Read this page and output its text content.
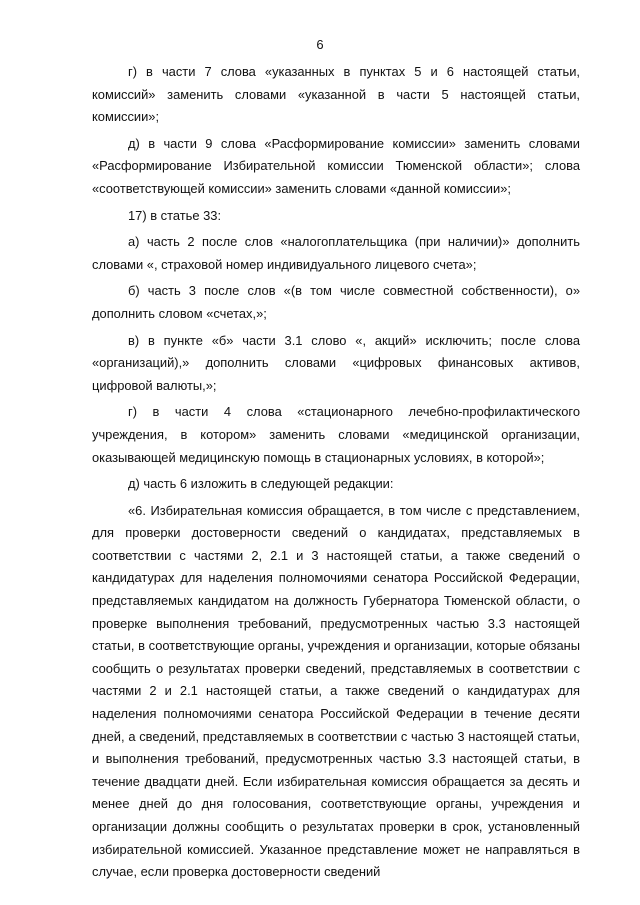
6

г) в части 7 слова «указанных в пунктах 5 и 6 настоящей статьи, комиссий» заменить словами «указанной в части 5 настоящей статьи, комиссии»;

д) в части 9 слова «Расформирование комиссии» заменить словами «Расформирование Избирательной комиссии Тюменской области»; слова «соответствующей комиссии» заменить словами «данной комиссии»;

17) в статье 33:

а) часть 2 после слов «налогоплательщика (при наличии)» дополнить словами «, страховой номер индивидуального лицевого счета»;

б) часть 3 после слов «(в том числе совместной собственности), о» дополнить словом «счетах,»;

в) в пункте «б» части 3.1 слово «, акций» исключить; после слова «организаций),» дополнить словами «цифровых финансовых активов, цифровой валюты,»;

г) в части 4 слова «стационарного лечебно-профилактического учреждения, в котором» заменить словами «медицинской организации, оказывающей медицинскую помощь в стационарных условиях, в которой»;

д) часть 6 изложить в следующей редакции:

«6. Избирательная комиссия обращается, в том числе с представлением, для проверки достоверности сведений о кандидатах, представляемых в соответствии с частями 2, 2.1 и 3 настоящей статьи, а также сведений о кандидатурах для наделения полномочиями сенатора Российской Федерации, представляемых кандидатом на должность Губернатора Тюменской области, о проверке выполнения требований, предусмотренных частью 3.3 настоящей статьи, в соответствующие органы, учреждения и организации, которые обязаны сообщить о результатах проверки сведений, представляемых в соответствии с частями 2 и 2.1 настоящей статьи, а также сведений о кандидатурах для наделения полномочиями сенатора Российской Федерации в течение десяти дней, а сведений, представляемых в соответствии с частью 3 настоящей статьи, и выполнения требований, предусмотренных частью 3.3 настоящей статьи, в течение двадцати дней. Если избирательная комиссия обращается за десять и менее дней до дня голосования, соответствующие органы, учреждения и организации должны сообщить о результатах проверки в срок, установленный избирательной комиссией. Указанное представление может не направляться в случае, если проверка достоверности сведений
